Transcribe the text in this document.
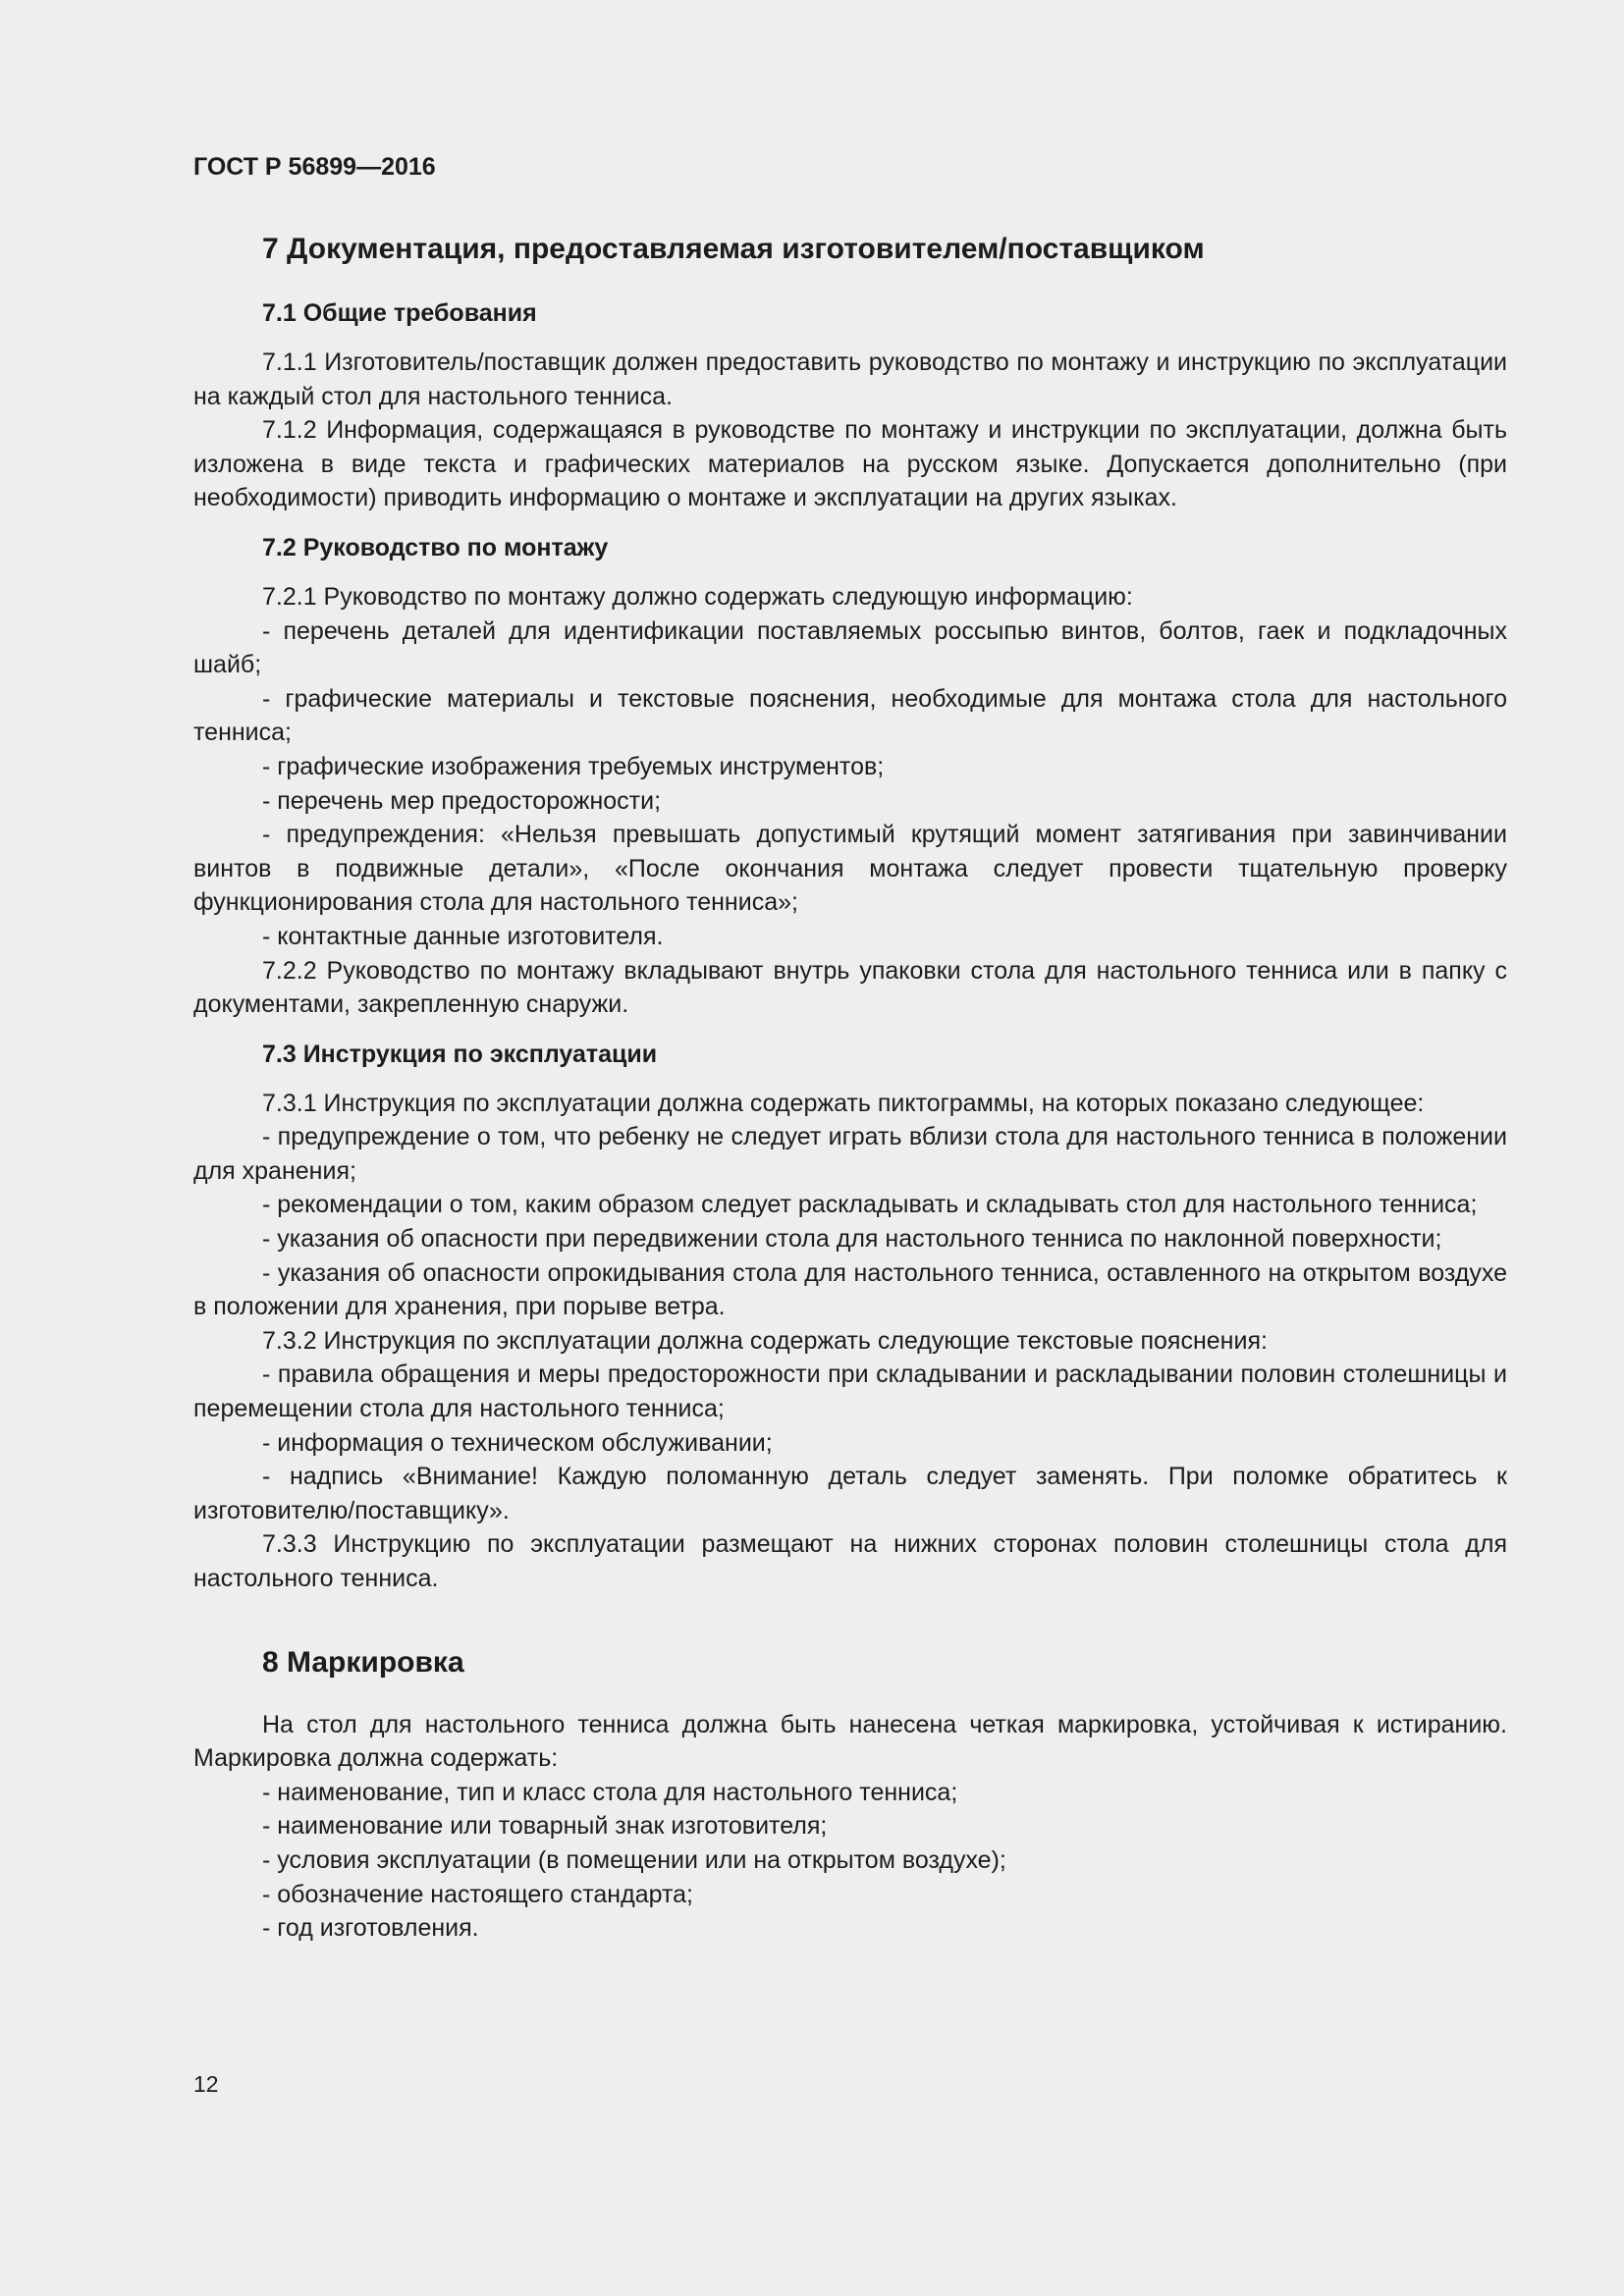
ГОСТ Р 56899—2016
7 Документация, предоставляемая изготовителем/поставщиком
7.1 Общие требования

7.1.1 Изготовитель/поставщик должен предоставить руководство по монтажу и инструкцию по эксплуатации на каждый стол для настольного тенниса.

7.1.2 Информация, содержащаяся в руководстве по монтажу и инструкции по эксплуатации, должна быть изложена в виде текста и графических материалов на русском языке. Допускается дополнительно (при необходимости) приводить информацию о монтаже и эксплуатации на других языках.

7.2 Руководство по монтажу

7.2.1 Руководство по монтажу должно содержать следующую информацию:

- перечень деталей для идентификации поставляемых россыпью винтов, болтов, гаек и подкладочных шайб;

- графические материалы и текстовые пояснения, необходимые для монтажа стола для настольного тенниса;

- графические изображения требуемых инструментов;

- перечень мер предосторожности;

- предупреждения: «Нельзя превышать допустимый крутящий момент затягивания при завинчивании винтов в подвижные детали», «После окончания монтажа следует провести тщательную проверку функционирования стола для настольного тенниса»;

- контактные данные изготовителя.

7.2.2 Руководство по монтажу вкладывают внутрь упаковки стола для настольного тенниса или в папку с документами, закрепленную снаружи.

7.3 Инструкция по эксплуатации

7.3.1 Инструкция по эксплуатации должна содержать пиктограммы, на которых показано следующее:

- предупреждение о том, что ребенку не следует играть вблизи стола для настольного тенниса в положении для хранения;

- рекомендации о том, каким образом следует раскладывать и складывать стол для настольного тенниса;

- указания об опасности при передвижении стола для настольного тенниса по наклонной поверхности;

- указания об опасности опрокидывания стола для настольного тенниса, оставленного на открытом воздухе в положении для хранения, при порыве ветра.

7.3.2 Инструкция по эксплуатации должна содержать следующие текстовые пояснения:

- правила обращения и меры предосторожности при складывании и раскладывании половин столешницы и перемещении стола для настольного тенниса;

- информация о техническом обслуживании;

- надпись «Внимание! Каждую поломанную деталь следует заменять. При поломке обратитесь к изготовителю/поставщику».

7.3.3 Инструкцию по эксплуатации размещают на нижних сторонах половин столешницы стола для настольного тенниса.

8 Маркировка

На стол для настольного тенниса должна быть нанесена четкая маркировка, устойчивая к истиранию. Маркировка должна содержать:

- наименование, тип и класс стола для настольного тенниса;

- наименование или товарный знак изготовителя;

- условия эксплуатации (в помещении или на открытом воздухе);

- обозначение настоящего стандарта;

- год изготовления.

12
